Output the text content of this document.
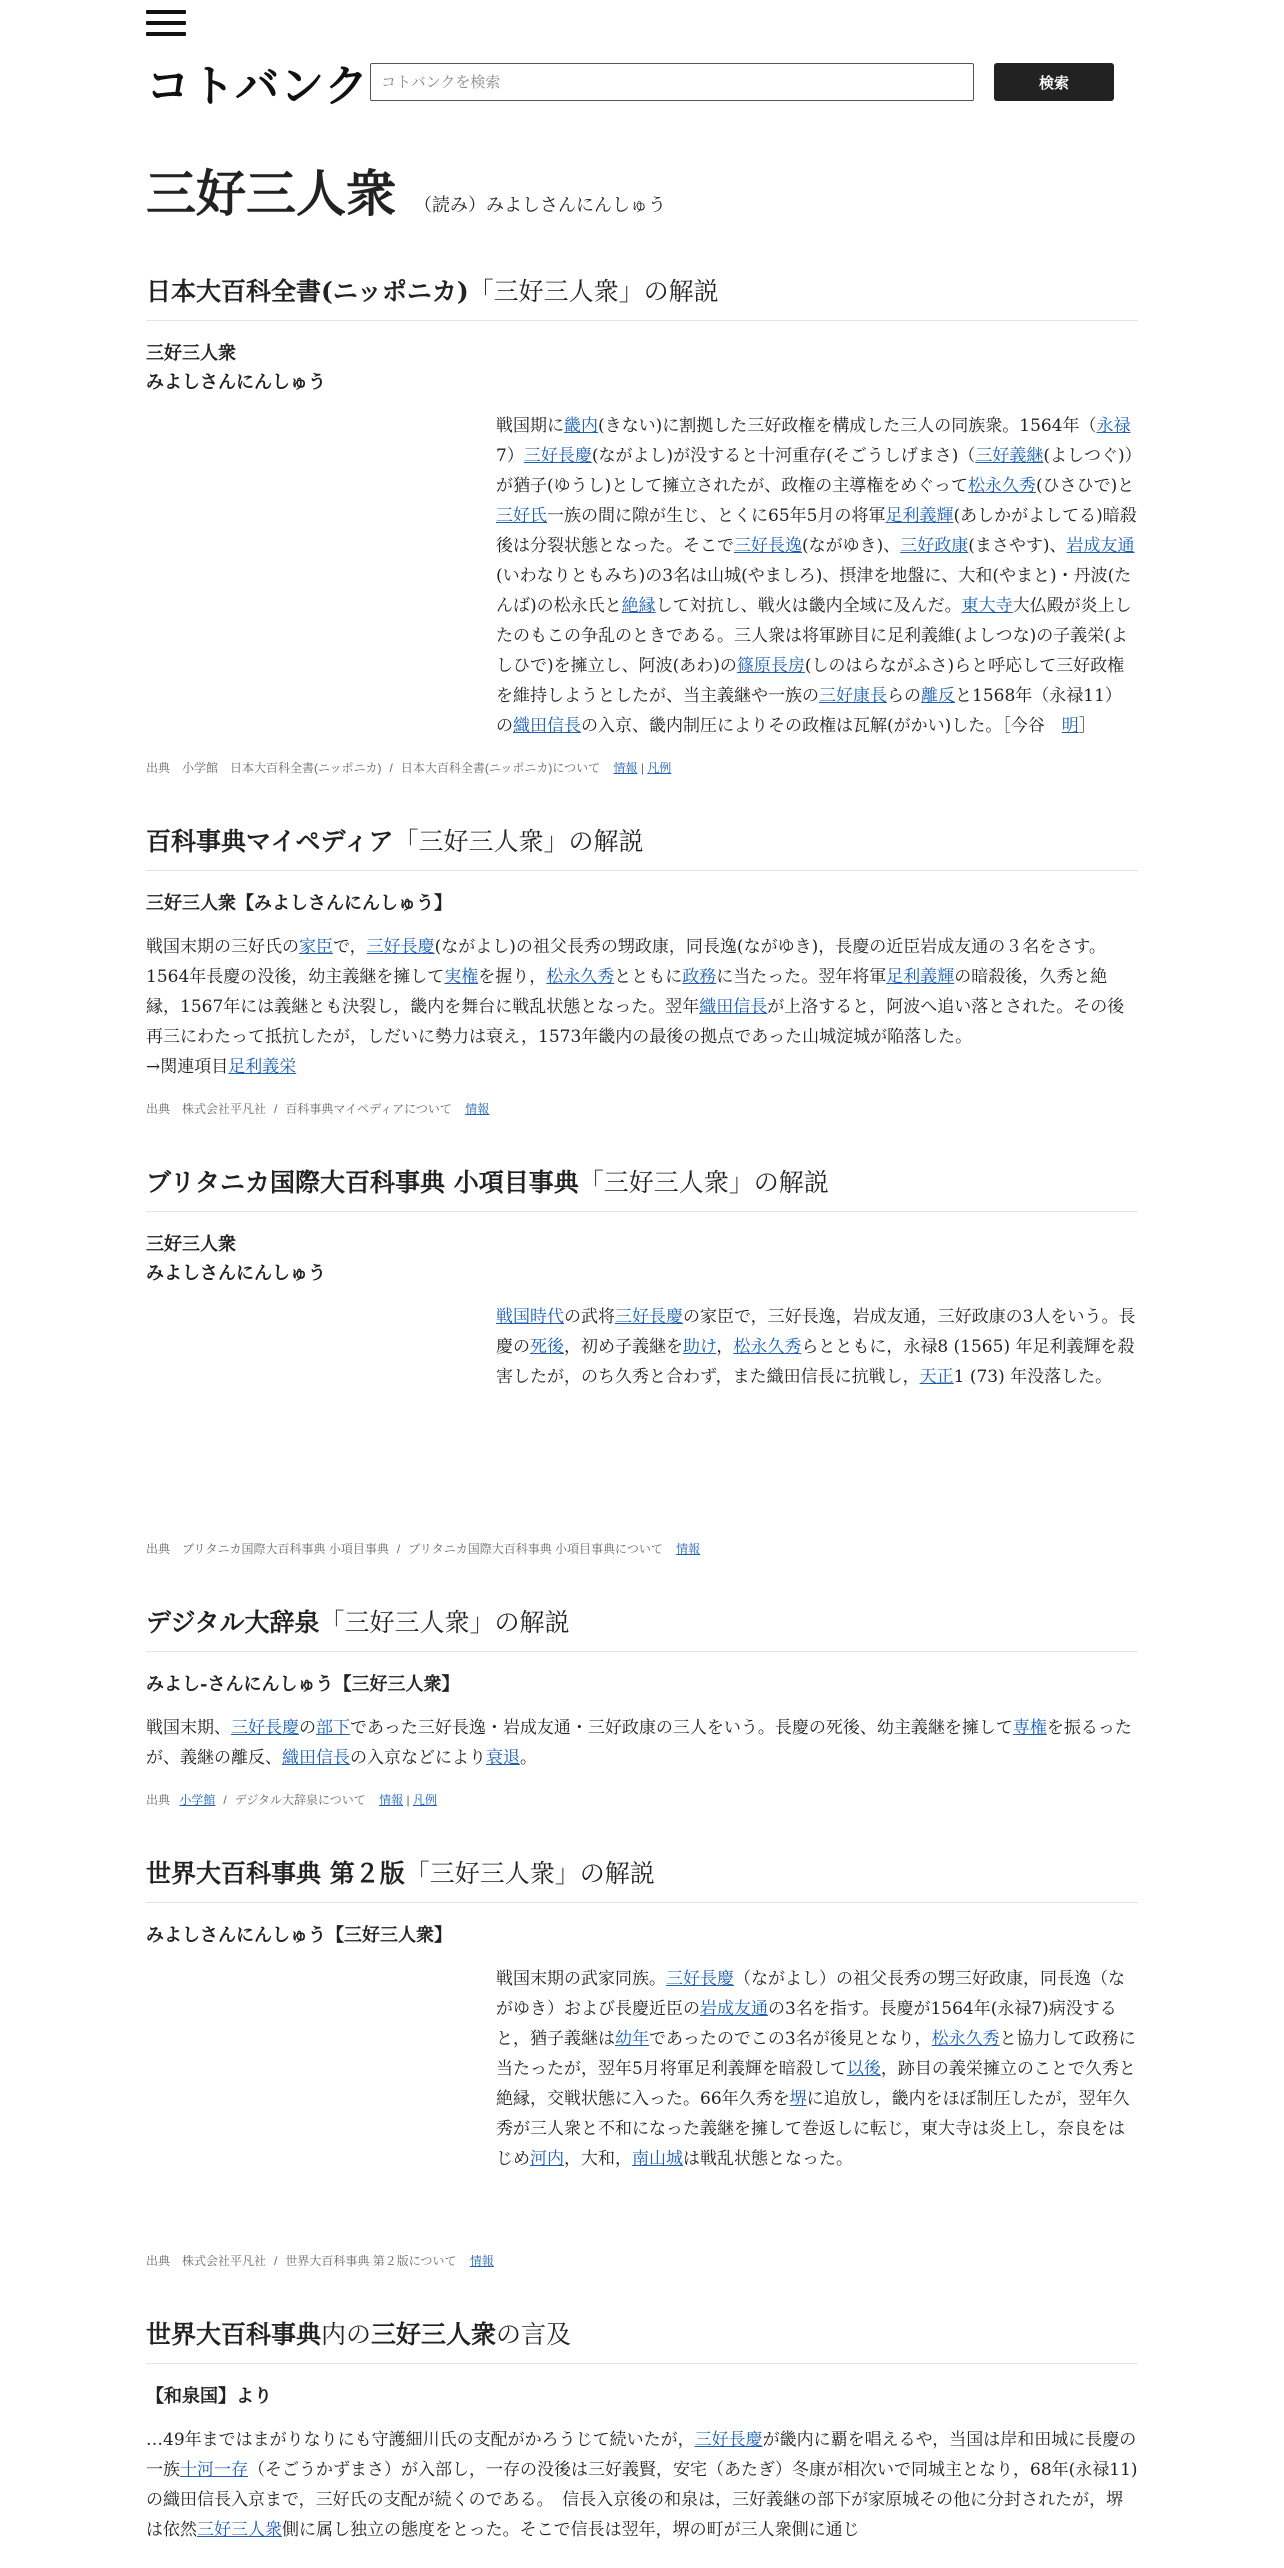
コトバンク
コトバンクを検索	検索
三好三人衆 （読み）みよしさんにんしゅう
日本大百科全書(ニッポニカ)「三好三人衆」の解説
三好三人衆
みよしさんにんしゅう
戦国期に畿内(きない)に割拠した三好政権を構成した三人の同族衆。1564年（永禄7）三好長慶(ながよし)が没すると十河重存(そごうしげまさ)（三好義継(よしつぐ)）が猶子(ゆうし)として擁立されたが、政権の主導権をめぐって松永久秀(ひさひで)と三好氏一族の間に隙が生じ、とくに65年5月の将軍足利義輝(あしかがよしてる)暗殺後は分裂状態となった。そこで三好長逸(ながゆき)、三好政康(まさやす)、岩成友通(いわなりともみち)の3名は山城(やましろ)、摂津を地盤に、大和(やまと)・丹波(たんば)の松永氏と絶縁して対抗し、戦火は畿内全域に及んだ。東大寺大仏殿が炎上したのもこの争乱のときである。三人衆は将軍跡目に足利義維(よしつな)の子義栄(よしひで)を擁立し、阿波(あわ)の篠原長房(しのはらながふさ)らと呼応して三好政権を維持しようとしたが、当主義継や一族の三好康長らの離反と1568年（永禄11）の織田信長の入京、畿内制圧によりその政権は瓦解(がかい)した。［今谷　明］
出典　小学館　日本大百科全書(ニッポニカ) / 日本大百科全書(ニッポニカ)について 情報 | 凡例
百科事典マイペディア「三好三人衆」の解説
三好三人衆【みよしさんにんしゅう】
戦国末期の三好氏の家臣で，三好長慶(ながよし)の祖父長秀の甥政康，同長逸(ながゆき)，長慶の近臣岩成友通の３名をさす。1564年長慶の没後，幼主義継を擁して実権を握り，松永久秀とともに政務に当たった。翌年将軍足利義輝の暗殺後，久秀と絶縁，1567年には義継とも決裂し，畿内を舞台に戦乱状態となった。翌年織田信長が上洛すると，阿波へ追い落とされた。その後再三にわたって抵抗したが，しだいに勢力は衰え，1573年畿内の最後の拠点であった山城淀城が陥落した。
→関連項目足利義栄
出典　株式会社平凡社 / 百科事典マイペディアについて 情報
ブリタニカ国際大百科事典 小項目事典「三好三人衆」の解説
三好三人衆
みよしさんにんしゅう
戦国時代の武将三好長慶の家臣で，三好長逸，岩成友通，三好政康の3人をいう。長慶の死後，初め子義継を助け，松永久秀らとともに，永禄8 (1565) 年足利義輝を殺害したが，のち久秀と合わず，また織田信長に抗戦し，天正1 (73) 年没落した。
出典　ブリタニカ国際大百科事典 小項目事典 / ブリタニカ国際大百科事典 小項目事典について 情報
デジタル大辞泉「三好三人衆」の解説
みよし‐さんにんしゅう【三好三人衆】
戦国末期、三好長慶の部下であった三好長逸・岩成友通・三好政康の三人をいう。長慶の死後、幼主義継を擁して専権を振るったが、義継の離反、織田信長の入京などにより衰退。
出典 小学館 / デジタル大辞泉について 情報 | 凡例
世界大百科事典 第２版「三好三人衆」の解説
みよしさんにんしゅう【三好三人衆】
戦国末期の武家同族。三好長慶（ながよし）の祖父長秀の甥三好政康，同長逸（ながゆき）および長慶近臣の岩成友通の3名を指す。長慶が1564年(永禄7)病没すると，猶子義継は幼年であったのでこの3名が後見となり，松永久秀と協力して政務に当たったが，翌年5月将軍足利義輝を暗殺して以後，跡目の義栄擁立のことで久秀と絶縁，交戦状態に入った。66年久秀を堺に追放し，畿内をほぼ制圧したが，翌年久秀が三人衆と不和になった義継を擁して巻返しに転じ，東大寺は炎上し，奈良をはじめ河内，大和，南山城は戦乱状態となった。
出典　株式会社平凡社 / 世界大百科事典 第２版について 情報
世界大百科事典内の三好三人衆の言及
【和泉国】より
…49年まではまがりなりにも守護細川氏の支配がかろうじて続いたが，三好長慶が畿内に覇を唱えるや，当国は岸和田城に長慶の一族十河一存（そごうかずまさ）が入部し，一存の没後は三好義賢，安宅（あたぎ）冬康が相次いで同城主となり，68年(永禄11)の織田信長入京まで，三好氏の支配が続くのである。　信長入京後の和泉は，三好義継の部下が家原城その他に分封されたが，堺は依然三好三人衆側に属し独立の態度をとった。そこで信長は翌年，堺の町が三人衆側に通じ
